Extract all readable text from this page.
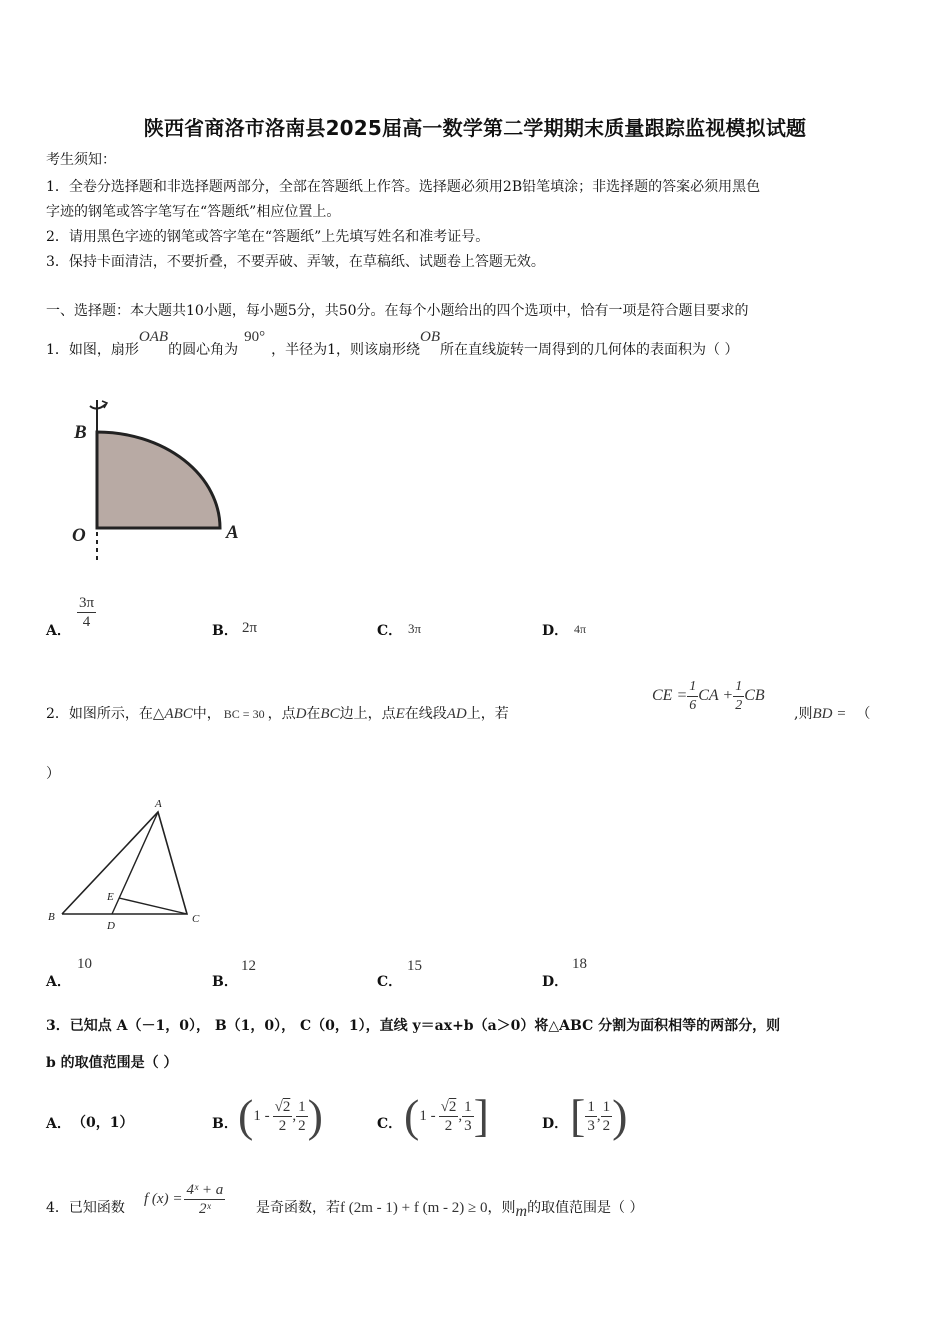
陕西省商洛市洛南县2025届高一数学第二学期期末质量跟踪监视模拟试题
考生须知：
1．全卷分选择题和非选择题两部分，全部在答题纸上作答。选择题必须用2B铅笔填涂；非选择题的答案必须用黑色
字迹的钢笔或答字笔写在“答题纸”相应位置上。
2．请用黑色字迹的钢笔或答字笔在“答题纸”上先填写姓名和准考证号。
3．保持卡面清洁，不要折叠，不要弄破、弄皱，在草稿纸、试题卷上答题无效。
一、选择题：本大题共10小题，每小题5分，共50分。在每个小题给出的四个选项中，恰有一项是符合题目要求的
1．如图，扇形OAB的圆心角为90°，半径为1，则该扇形绕OB所在直线旋转一周得到的几何体的表面积为（ ）
B
O	A
A． $\frac{3\pi}{4}$	B． 2π	C． 3π	D． 4π
2．如图所示，在△ABC中， BC = 30 ，点D在BC边上，点E在线段AD上，若
CE = $\frac{1}{6}$ CA + $\frac{1}{2}$ CB
,则BD = （
）
A
B	C
D
E
A．
10
B．
12
C．
15
D．
18
3．已知点 A（－1，0）， B（1，0）， C（0，1），直线 y＝ax+b（a＞0）将△ABC 分割为面积相等的两部分，则
b 的取值范围是（ ）
A． （0，1）	B． ( $1 - \frac{√2}{2}$ , $\frac{1}{2}$ )	C． ( $1 - \frac{√2}{2}$ , $\frac{1}{3}$ ]	D． [ $\frac{1}{3}$ , $\frac{1}{2}$ )
4．已知函数
f $(x) = \frac{\text{4ˣ + a}}{\text{2ˣ}}$ 是奇函数，若f (2m - 1) + f (m - 2) ≥ 0，则m的取值范围是（ ）
